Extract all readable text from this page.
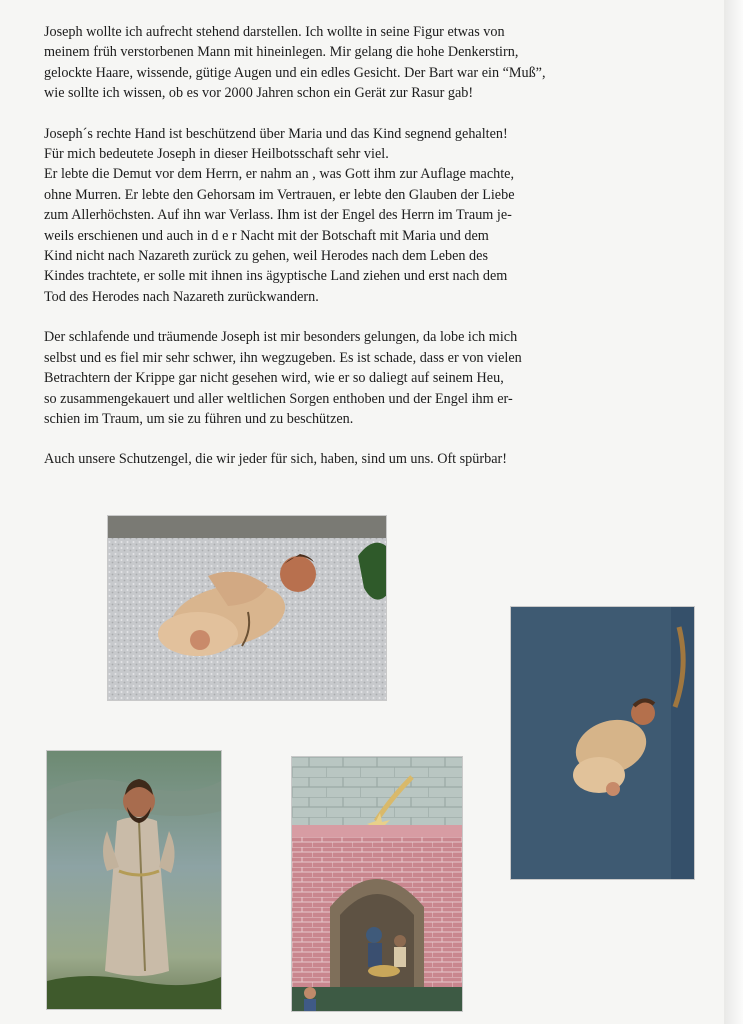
Joseph wollte ich aufrecht stehend darstellen. Ich wollte in seine Figur etwas von
meinem früh verstorbenen Mann mit hineinlegen. Mir gelang die hohe Denkerstirn,
gelockte Haare, wissende, gütige Augen und ein edles Gesicht. Der Bart war ein “Muß”,
wie sollte ich wissen, ob es vor 2000 Jahren schon ein Gerät zur Rasur gab!

Joseph´s rechte Hand ist beschützend über Maria und das Kind segnend gehalten!
Für mich bedeutete Joseph in dieser Heilbotsschaft sehr viel.
Er lebte die Demut vor dem Herrn, er nahm an , was Gott ihm zur Auflage machte,
ohne Murren. Er lebte den Gehorsam im Vertrauen, er lebte den Glauben der Liebe
zum Allerhöchsten. Auf ihn war Verlass. Ihm ist der Engel des Herrn im Traum je-
weils erschienen und auch in d e r Nacht mit der Botschaft mit Maria und dem
Kind nicht nach Nazareth zurück zu gehen, weil Herodes nach dem Leben des
Kindes trachtete, er solle mit ihnen ins ägyptische Land ziehen und erst nach dem
Tod des Herodes nach Nazareth zurückwandern.

Der schlafende und träumende Joseph ist mir besonders gelungen, da lobe ich mich
selbst und es fiel mir sehr schwer, ihn wegzugeben. Es ist schade, dass er von vielen
Betrachtern der Krippe gar nicht gesehen wird, wie er so daliegt auf seinem Heu,
so zusammengekauert und aller weltlichen Sorgen enthoben und der Engel ihm er-
schien im Traum, um sie zu führen und zu beschützen.

Auch unsere Schutzengel, die wir jeder für sich, haben, sind um uns. Oft spürbar!
